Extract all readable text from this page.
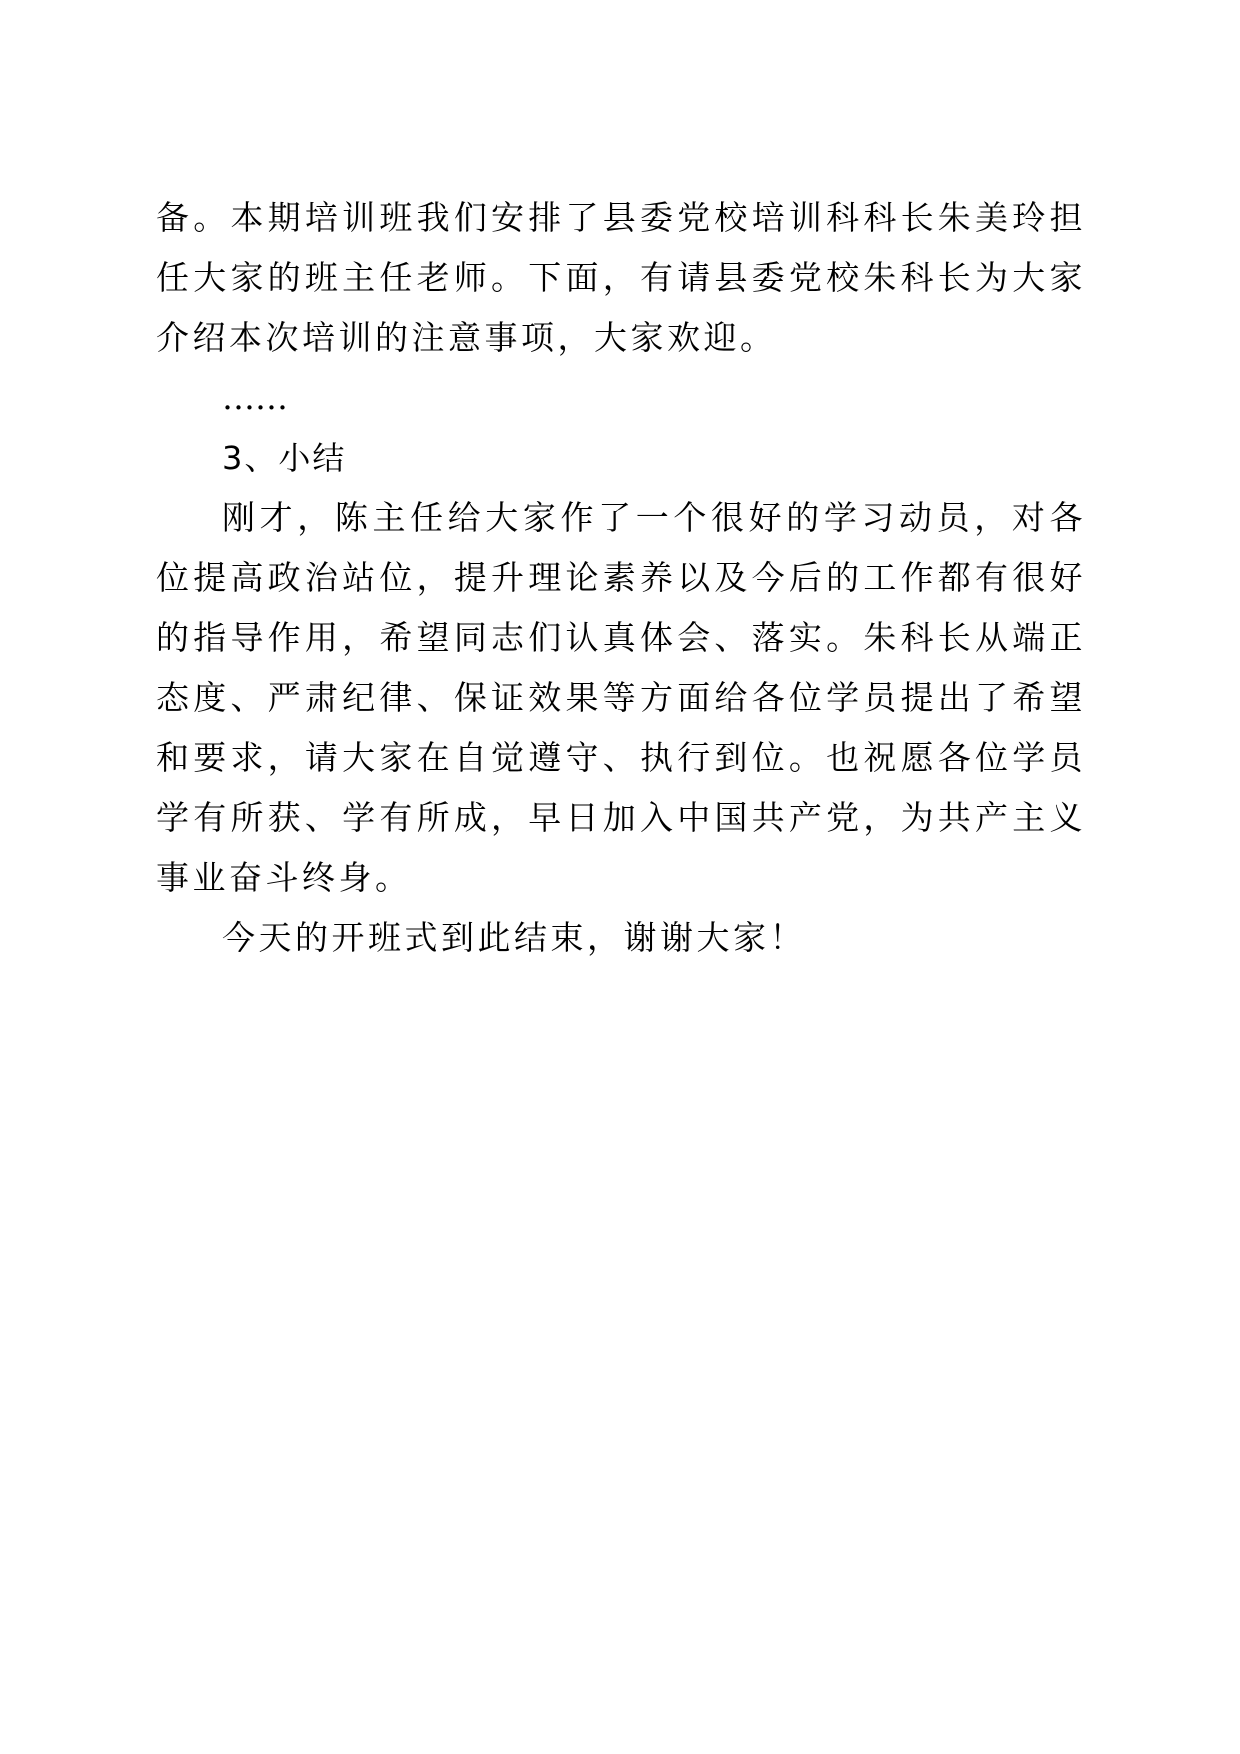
备。本期培训班我们安排了县委党校培训科科长朱美玲担任大家的班主任老师。下面，有请县委党校朱科长为大家介绍本次培训的注意事项，大家欢迎。

……

3、小结

刚才，陈主任给大家作了一个很好的学习动员，对各位提高政治站位，提升理论素养以及今后的工作都有很好的指导作用，希望同志们认真体会、落实。朱科长从端正态度、严肃纪律、保证效果等方面给各位学员提出了希望和要求，请大家在自觉遵守、执行到位。也祝愿各位学员学有所获、学有所成，早日加入中国共产党，为共产主义事业奋斗终身。

今天的开班式到此结束，谢谢大家！
